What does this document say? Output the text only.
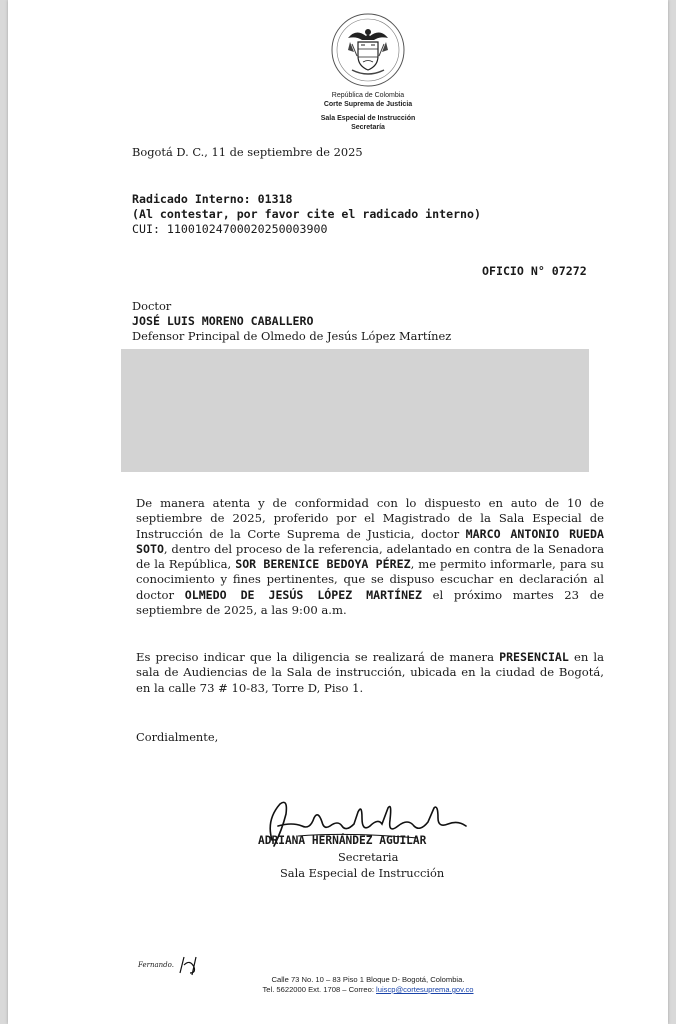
República de Colombia
Corte Suprema de Justicia
Sala Especial de Instrucción
Secretaría
Bogotá D. C., 11 de septiembre de 2025
Radicado Interno: 01318
(Al contestar, por favor cite el radicado interno)
CUI: 11001024700020250003900
OFICIO N° 07272
Doctor
JOSÉ LUIS MORENO CABALLERO
Defensor Principal de Olmedo de Jesús López Martínez
De manera atenta y de conformidad con lo dispuesto en auto de 10 de septiembre de 2025, proferido por el Magistrado de la Sala Especial de Instrucción de la Corte Suprema de Justicia, doctor MARCO ANTONIO RUEDA SOTO, dentro del proceso de la referencia, adelantado en contra de la Senadora de la República, SOR BERENICE BEDOYA PÉREZ, me permito informarle, para su conocimiento y fines pertinentes, que se dispuso escuchar en declaración al doctor OLMEDO DE JESÚS LÓPEZ MARTÍNEZ el próximo martes 23 de septiembre de 2025, a las 9:00 a.m.
Es preciso indicar que la diligencia se realizará de manera PRESENCIAL en la sala de Audiencias de la Sala de instrucción, ubicada en la ciudad de Bogotá, en la calle 73 # 10-83, Torre D, Piso 1.
Cordialmente,
ADRIANA HERNÁNDEZ AGUILAR
Secretaria
Sala Especial de Instrucción
Fernando.
Calle 73 No. 10 – 83 Piso 1 Bloque D- Bogotá, Colombia.
Tel. 5622000 Ext. 1708 – Correo: luiscp@cortesuprema.gov.co
